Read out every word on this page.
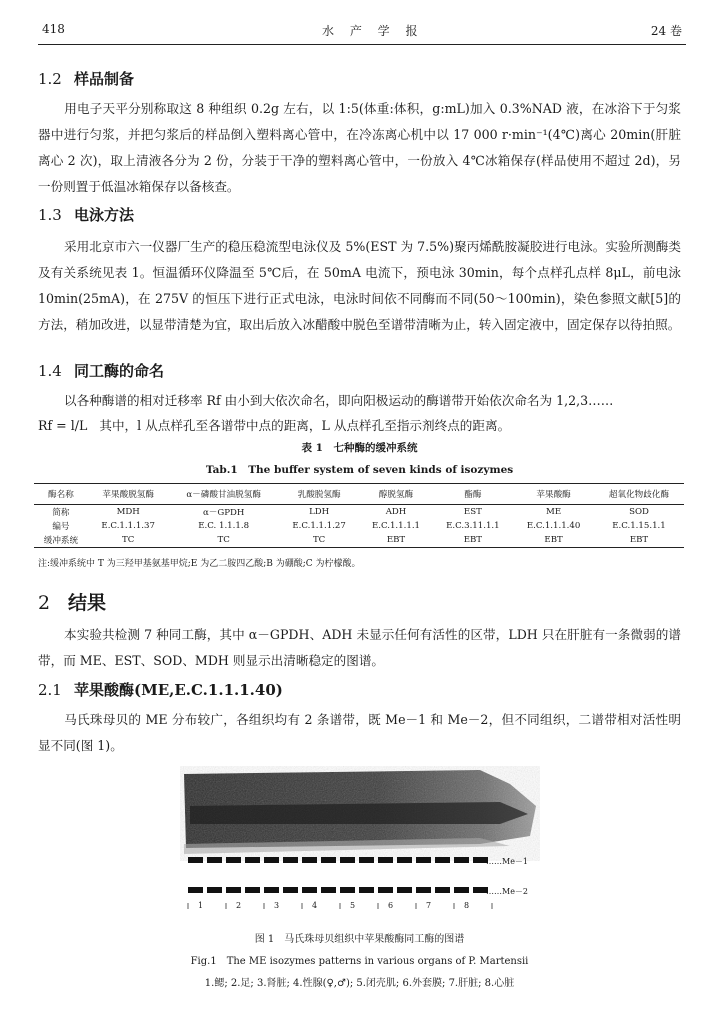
418	水 产 学 报	24 卷
1.2 样品制备
用电子天平分别称取这 8 种组织 0.2g 左右，以 1:5(体重:体积，g:mL)加入 0.3%NAD 液，在冰浴下于匀浆器中进行匀浆，并把匀浆后的样品倒入塑料离心管中，在冷冻离心机中以 17 000 r·min⁻¹(4℃)离心 20min(肝脏离心 2 次)，取上清液各分为 2 份，分装于干净的塑料离心管中，一份放入 4℃冰箱保存(样品使用不超过 2d)，另一份则置于低温冰箱保存以备核查。
1.3 电泳方法
采用北京市六一仪器厂生产的稳压稳流型电泳仪及 5%(EST 为 7.5%)聚丙烯酰胺凝胶进行电泳。实验所测酶类及有关系统见表 1。恒温循环仪降温至 5℃后，在 50mA 电流下，预电泳 30min，每个点样孔点样 8μL，前电泳 10min(25mA)，在 275V 的恒压下进行正式电泳，电泳时间依不同酶而不同(50～100min)，染色参照文献[5]的方法，稍加改进，以显带清楚为宜，取出后放入冰醋酸中脱色至谱带清晰为止，转入固定液中，固定保存以待拍照。
1.4 同工酶的命名
以各种酶谱的相对迁移率 Rf 由小到大依次命名，即向阳极运动的酶谱带开始依次命名为 1,2,3……
Rf = l/L 其中，l 从点样孔至各谱带中点的距离，L 从点样孔至指示剂终点的距离。
表 1　七种酶的缓冲系统
Tab.1　The buffer system of seven kinds of isozymes
酶名称	苹果酸脱氢酶	α－磷酸甘油脱氢酶	乳酸脱氢酶	醇脱氢酶	酯酶	苹果酸酶	超氧化物歧化酶
简称	MDH	α－GPDH	LDH	ADH	EST	ME	SOD
编号	E.C.1.1.1.37	E.C. 1.1.1.8	E.C.1.1.1.27	E.C.1.1.1.1	E.C.3.11.1.1	E.C.1.1.1.40	E.C.1.15.1.1
缓冲系统	TC	TC	TC	EBT	EBT	EBT	EBT
注:缓冲系统中 T 为三羟甲基氨基甲烷;E 为乙二胺四乙酸;B 为硼酸;C 为柠檬酸。
2 结果
本实验共检测 7 种同工酶，其中 α－GPDH、ADH 未显示任何有活性的区带，LDH 只在肝脏有一条微弱的谱带，而 ME、EST、SOD、MDH 则显示出清晰稳定的图谱。
2.1 苹果酸酶(ME,E.C.1.1.1.40)
马氏珠母贝的 ME 分布较广，各组织均有 2 条谱带，既 Me－1 和 Me－2，但不同组织，二谱带相对活性明显不同(图 1)。
……Me－1
……Me－2
1	2	3	4	5	6	7	8
图 1　马氏珠母贝组织中苹果酸酶同工酶的图谱
Fig.1　The ME isozymes patterns in various organs of P. Martensii
1.鳃; 2.足; 3.肾脏; 4.性腺(♀,♂); 5.闭壳肌; 6.外套膜; 7.肝脏; 8.心脏
